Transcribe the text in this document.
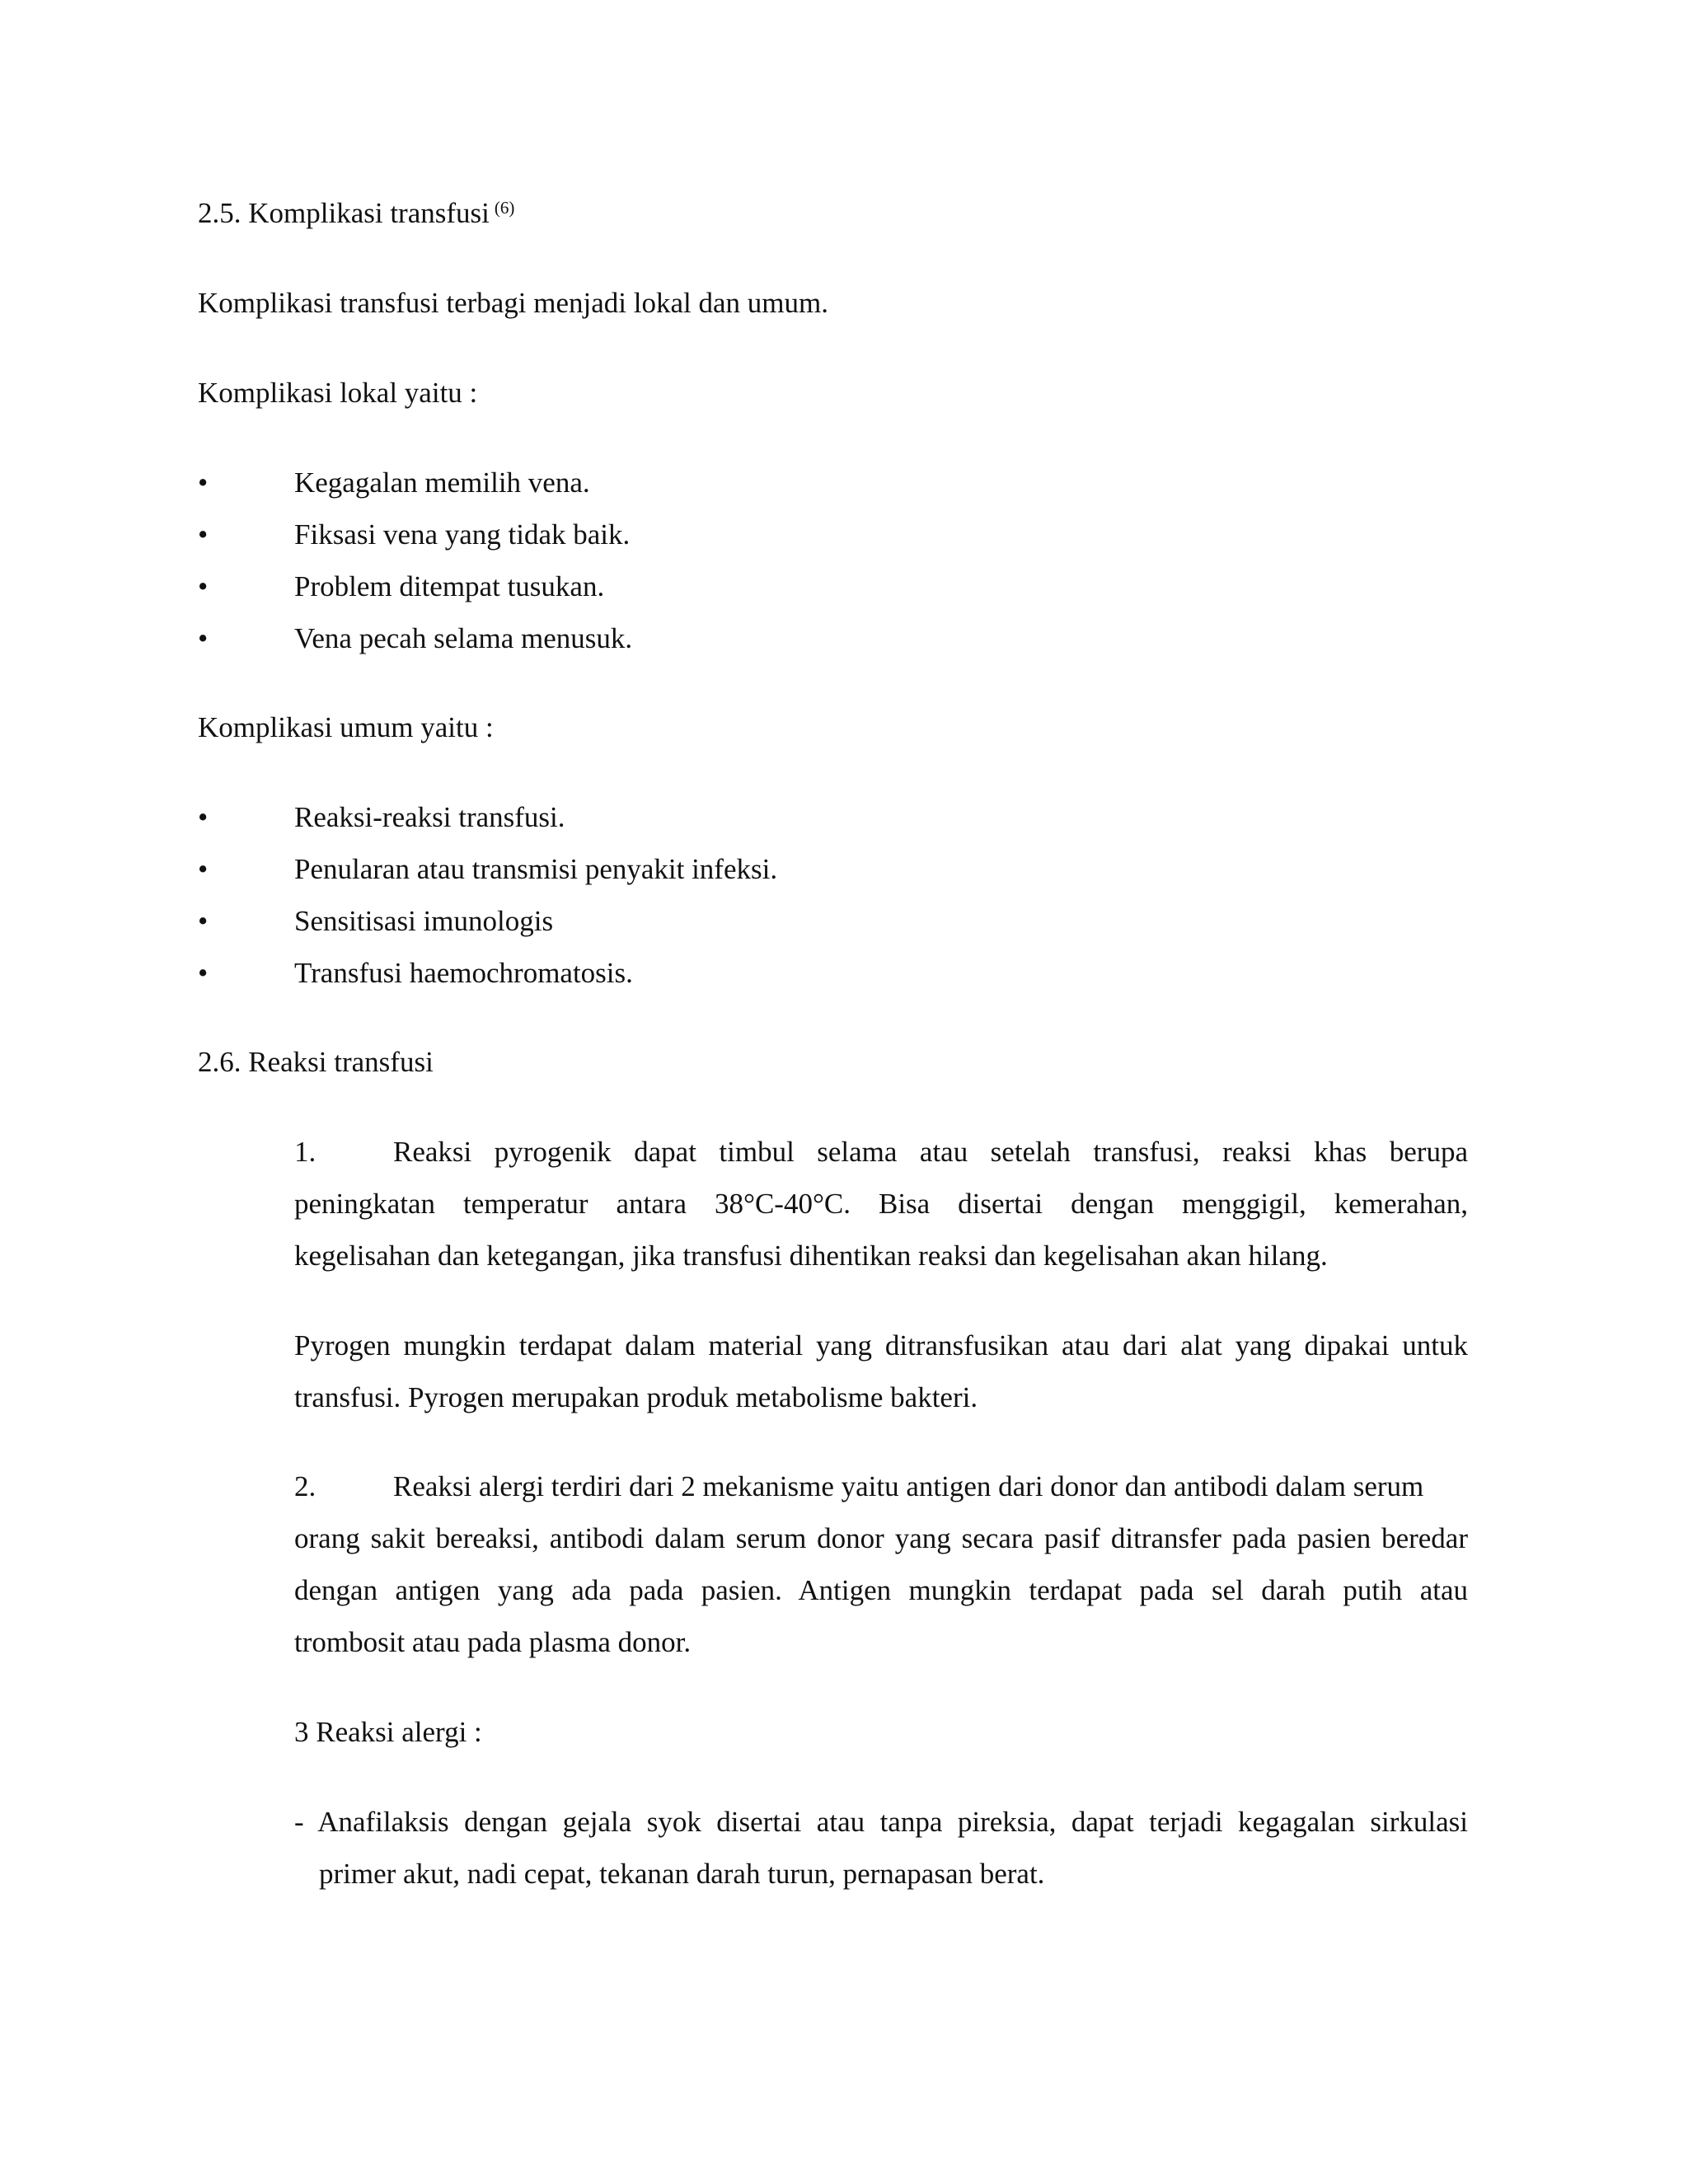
2.5. Komplikasi transfusi $^{(6)}$
Komplikasi transfusi terbagi menjadi lokal dan umum.
Komplikasi lokal yaitu :
•	Kegagalan memilih vena.
•	Fiksasi vena yang tidak baik.
•	Problem ditempat tusukan.
•	Vena pecah selama menusuk.
Komplikasi umum yaitu :
•	Reaksi-reaksi transfusi.
•	Penularan atau transmisi penyakit infeksi.
•	Sensitisasi imunologis
•	Transfusi haemochromatosis.
2.6. Reaksi transfusi
1.	Reaksi pyrogenik dapat timbul selama atau setelah transfusi, reaksi khas berupa
peningkatan temperatur antara 38°C-40°C. Bisa disertai dengan menggigil, kemerahan,
kegelisahan dan ketegangan, jika transfusi dihentikan reaksi dan kegelisahan akan hilang.
Pyrogen mungkin terdapat dalam material yang ditransfusikan atau dari alat yang dipakai untuk
transfusi. Pyrogen merupakan produk metabolisme bakteri.
2.	Reaksi alergi terdiri dari 2 mekanisme yaitu antigen dari donor dan antibodi dalam serum
orang sakit bereaksi, antibodi dalam serum donor yang secara pasif ditransfer pada pasien beredar
dengan antigen yang ada pada pasien. Antigen mungkin terdapat pada sel darah putih atau
trombosit atau pada plasma donor.
3 Reaksi alergi :
- Anafilaksis dengan gejala syok disertai atau tanpa pireksia, dapat terjadi kegagalan sirkulasi
primer akut, nadi cepat, tekanan darah turun, pernapasan berat.
